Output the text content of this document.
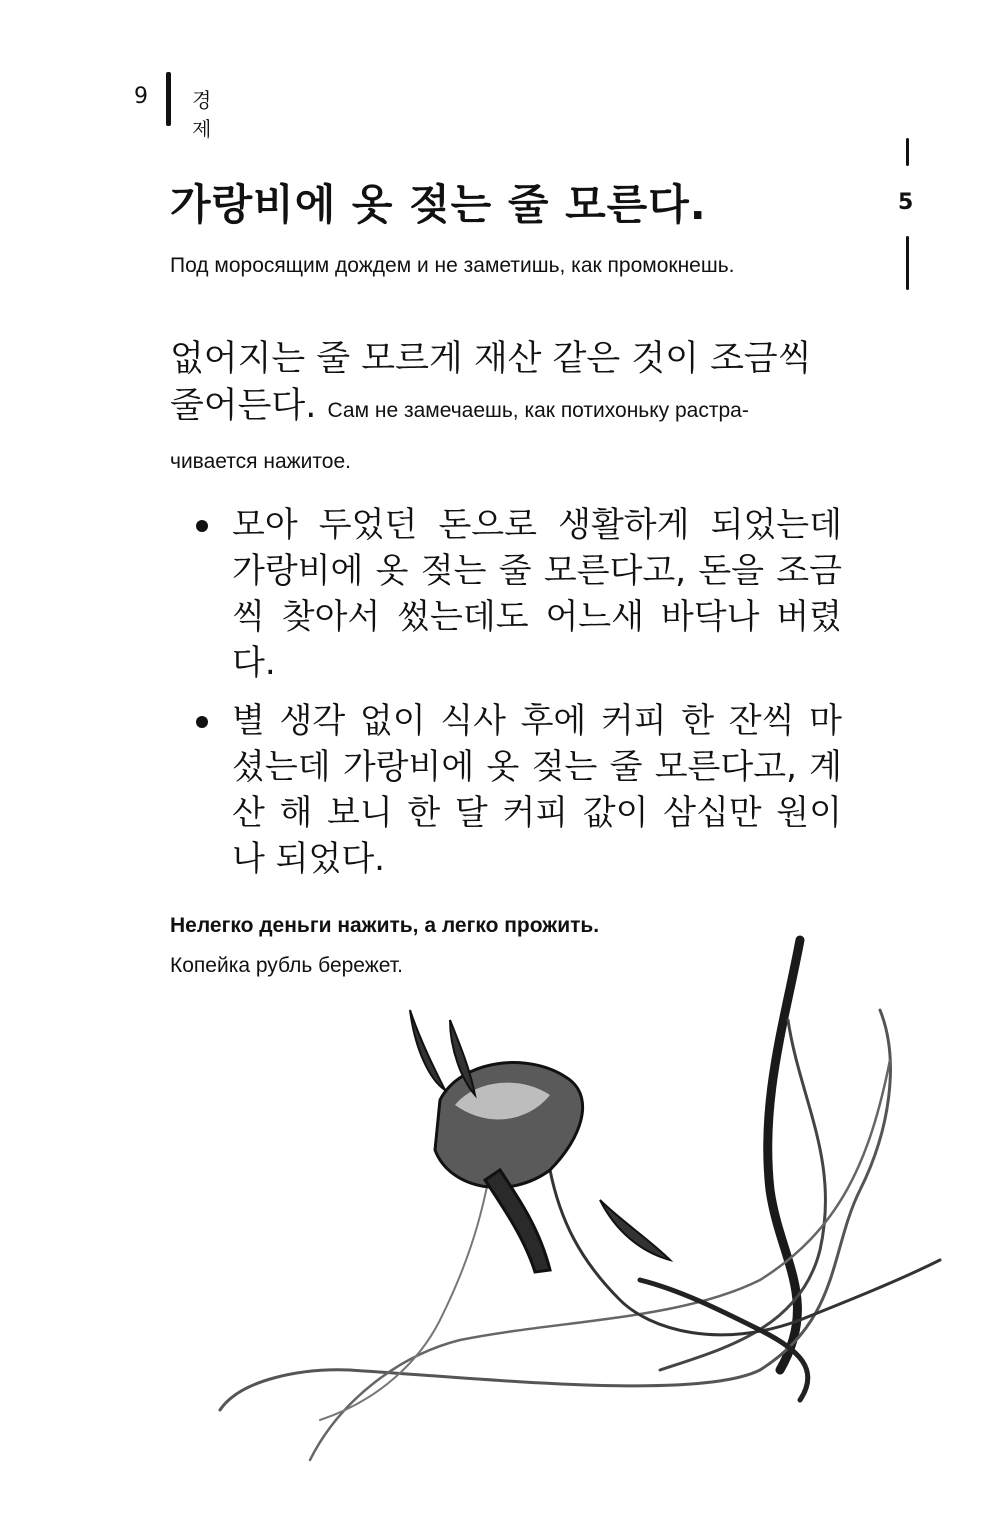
9 경제
5
가랑비에 옷 젖는 줄 모른다.
Под моросящим дождем и не заметишь, как промокнешь.
없어지는 줄 모르게 재산 같은 것이 조금씩
줄어든다. Сам не замечаешь, как потихоньку растра-
чивается нажитое.
모아 두었던 돈으로 생활하게 되었는데 가랑비에 옷 젖는 줄 모른다고, 돈을 조금씩 찾아서 썼는데도 어느새 바닥나 버렸다.
별 생각 없이 식사 후에 커피 한 잔씩 마셨는데 가랑비에 옷 젖는 줄 모른다고, 계산 해 보니 한 달 커피 값이 삼십만 원이나 되었다.
Нелегко деньги нажить, а легко прожить.
Копейка рубль бережет.
